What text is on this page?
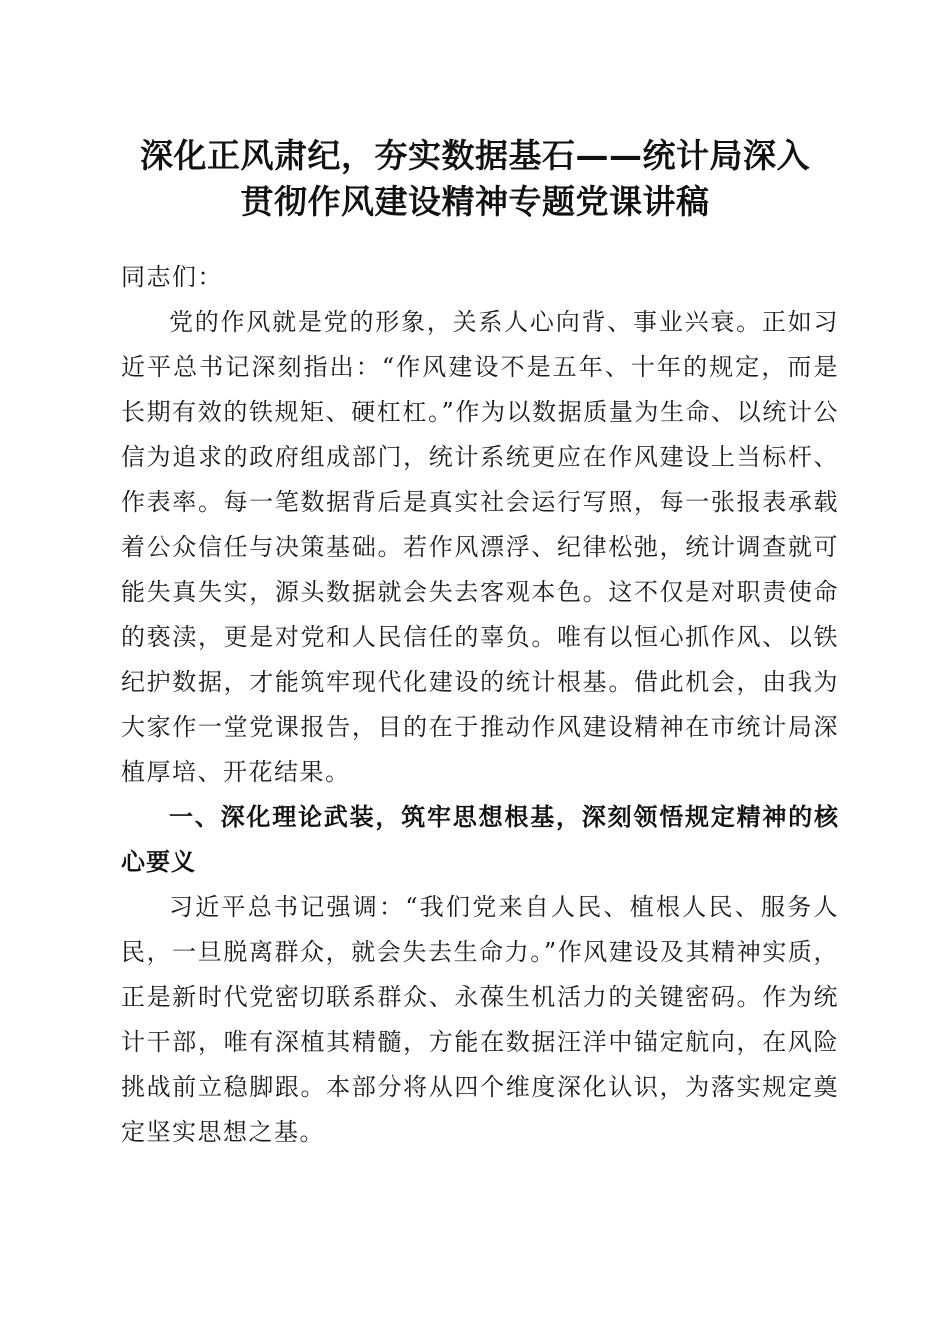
深化正风肃纪，夯实数据基石——统计局深入
贯彻作风建设精神专题党课讲稿

同志们：

党的作风就是党的形象，关系人心向背、事业兴衰。正如习近平总书记深刻指出：“作风建设不是五年、十年的规定，而是长期有效的铁规矩、硬杠杠。”作为以数据质量为生命、以统计公信为追求的政府组成部门，统计系统更应在作风建设上当标杆、作表率。每一笔数据背后是真实社会运行写照，每一张报表承载着公众信任与决策基础。若作风漂浮、纪律松弛，统计调查就可能失真失实，源头数据就会失去客观本色。这不仅是对职责使命的亵渎，更是对党和人民信任的辜负。唯有以恒心抓作风、以铁纪护数据，才能筑牢现代化建设的统计根基。借此机会，由我为大家作一堂党课报告，目的在于推动作风建设精神在市统计局深植厚培、开花结果。

一、深化理论武装，筑牢思想根基，深刻领悟规定精神的核心要义

习近平总书记强调：“我们党来自人民、植根人民、服务人民，一旦脱离群众，就会失去生命力。”作风建设及其精神实质，正是新时代党密切联系群众、永葆生机活力的关键密码。作为统计干部，唯有深植其精髓，方能在数据汪洋中锚定航向，在风险挑战前立稳脚跟。本部分将从四个维度深化认识，为落实规定奠定坚实思想之基。
